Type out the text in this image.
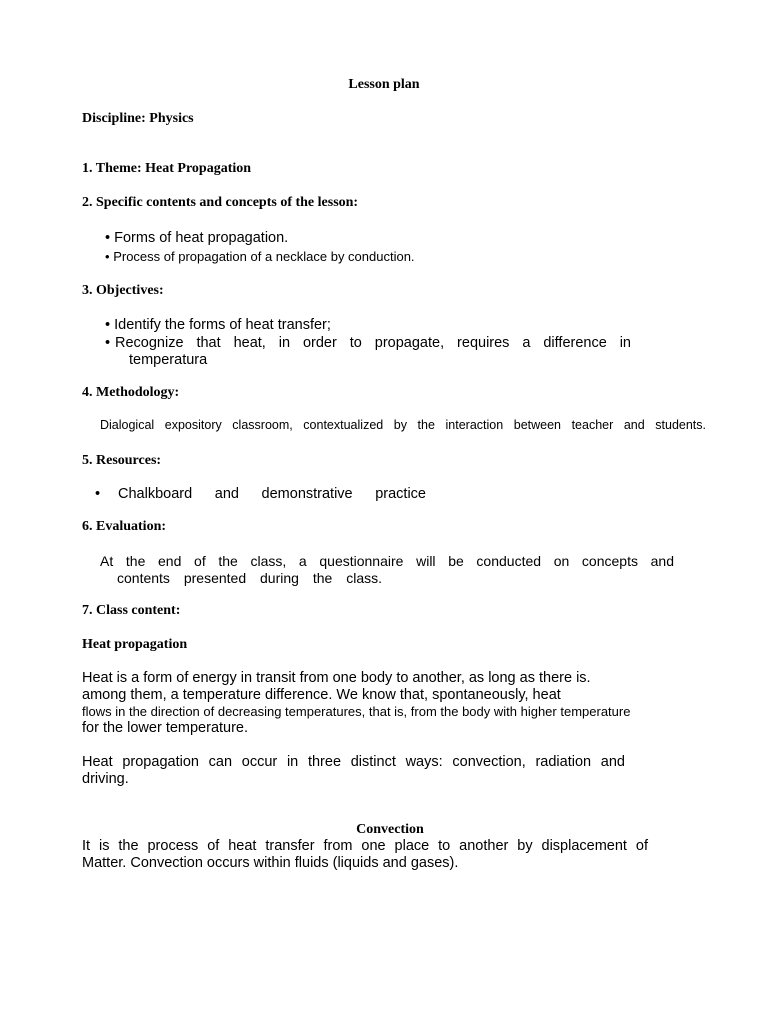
Lesson plan
Discipline: Physics
1. Theme: Heat Propagation
2. Specific contents and concepts of the lesson:
• Forms of heat propagation.
• Process of propagation of a necklace by conduction.
3. Objectives:
• Identify the forms of heat transfer;
• Recognize that heat, in order to propagate, requires a difference in
temperatura
4. Methodology:
Dialogical expository classroom, contextualized by the interaction between teacher and students.
5. Resources:
• Chalkboard and demonstrative practice
6. Evaluation:
At the end of the class, a questionnaire will be conducted on concepts and
contents presented during the class.
7. Class content:
Heat propagation
Heat is a form of energy in transit from one body to another, as long as there is.
among them, a temperature difference. We know that, spontaneously, heat
flows in the direction of decreasing temperatures, that is, from the body with higher temperature
for the lower temperature.
Heat propagation can occur in three distinct ways: convection, radiation and
driving.
Convection
It is the process of heat transfer from one place to another by displacement of
Matter. Convection occurs within fluids (liquids and gases).
